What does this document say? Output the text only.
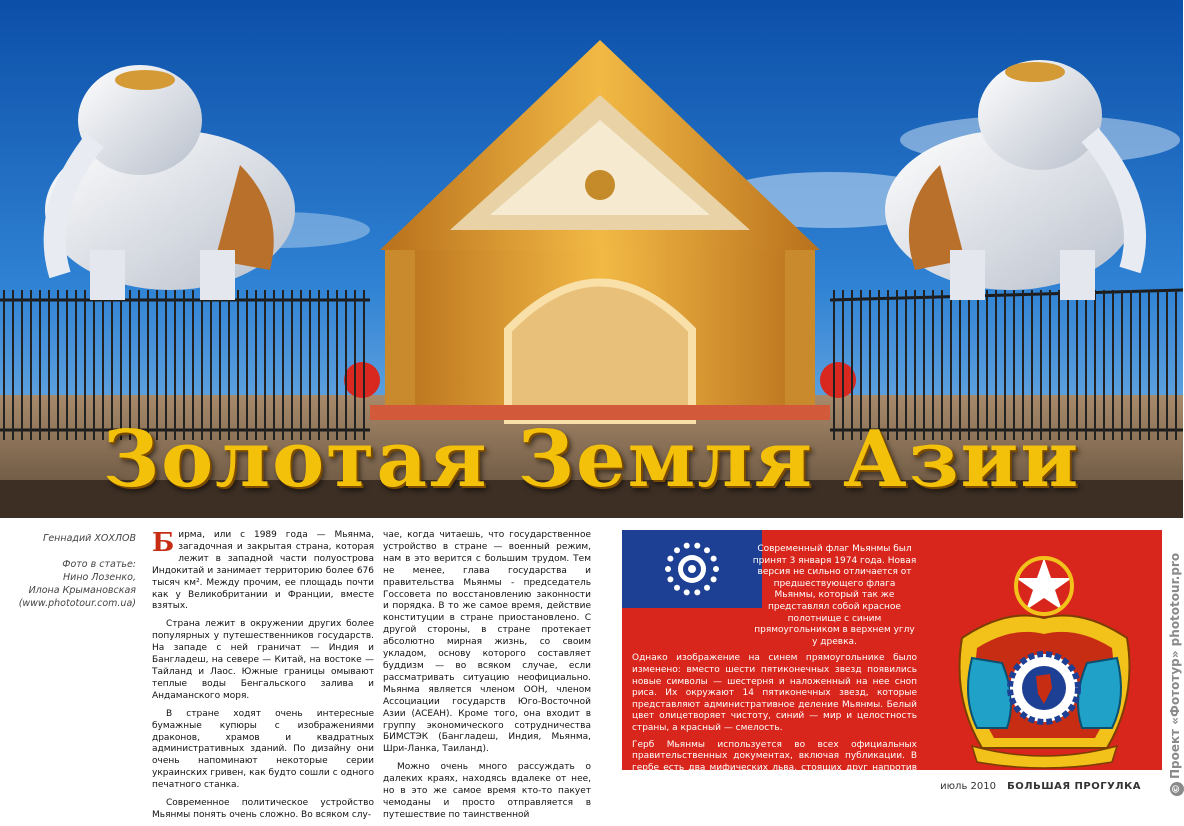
Золотая Земля Азии
Геннадий ХОХЛОВ
Фото в статье:
Нино Лозенко,
Илона Крымановская
(www.phototour.com.ua)

Бирма, или с 1989 года — Мьянма, загадочная и закрытая страна, которая лежит в западной части полуострова Индокитай и занимает территорию более 676 тысяч км². Между прочим, ее площадь почти как у Великобритании и Франции, вместе взятых.

Страна лежит в окружении других более популярных у путешественников государств. На западе с ней граничат — Индия и Бангладеш, на севере — Китай, на востоке — Тайланд и Лаос. Южные границы омывают теплые воды Бенгальского залива и Андаманского моря.

В стране ходят очень интересные бумажные купюры с изображениями драконов, храмов и квадратных административных зданий. По дизайну они очень напоминают некоторые серии украинских гривен, как будто сошли с одного печатного станка.

Современное политическое устройство Мьянмы понять очень сложно. Во всяком слу-

чае, когда читаешь, что государственное устройство в стране — военный режим, нам в это верится с большим трудом. Тем не менее, глава государства и правительства Мьянмы - председатель Госсовета по восстановлению законности и порядка. В то же самое время, действие конституции в стране приостановлено. С другой стороны, в стране протекает абсолютно мирная жизнь, со своим укладом, основу которого составляет буддизм — во всяком случае, если рассматривать ситуацию неофициально. Мьянма является членом ООН, членом Ассоциации государств Юго-Восточной Азии (АСЕАН). Кроме того, она входит в группу экономического сотрудничества БИМСТЭК (Бангладеш, Индия, Мьянма, Шри-Ланка, Таиланд).

Можно очень много рассуждать о далеких краях, находясь вдалеке от нее, но в это же самое время кто-то пакует чемоданы и просто отправляется в путешествие по таинственной

Современный флаг Мьянмы был принят 3 января 1974 года. Новая версия не сильно отличается от предшествующего флага Мьянмы, который так же представлял собой красное полотнище с синим прямоугольником в верхнем углу у древка.

Однако изображение на синем прямоугольнике было изменено: вместо шести пятиконечных звезд появились новые символы — шестерня и наложенный на нее сноп риса. Их окружают 14 пятиконечных звезд, которые представляют административное деление Мьянмы. Белый цвет олицетворяет чистоту, синий — мир и целостность страны, а красный — смелость.

Герб Мьянмы используется во всех официальных правительственных документах, включая публикации. В гербе есть два мифических льва, стоящих друг напротив друга, и в его центре схематическая карта Бирмы, размещенная на зубчатым колесе. Герб окружен в соответствии с традиционными бирманскими обычаями цветочным дизайном и звездой в ее вершине.

июль 2010 БОЛЬШАЯ ПРОГУЛКА	©Проект «Фототур» phototour.pro
